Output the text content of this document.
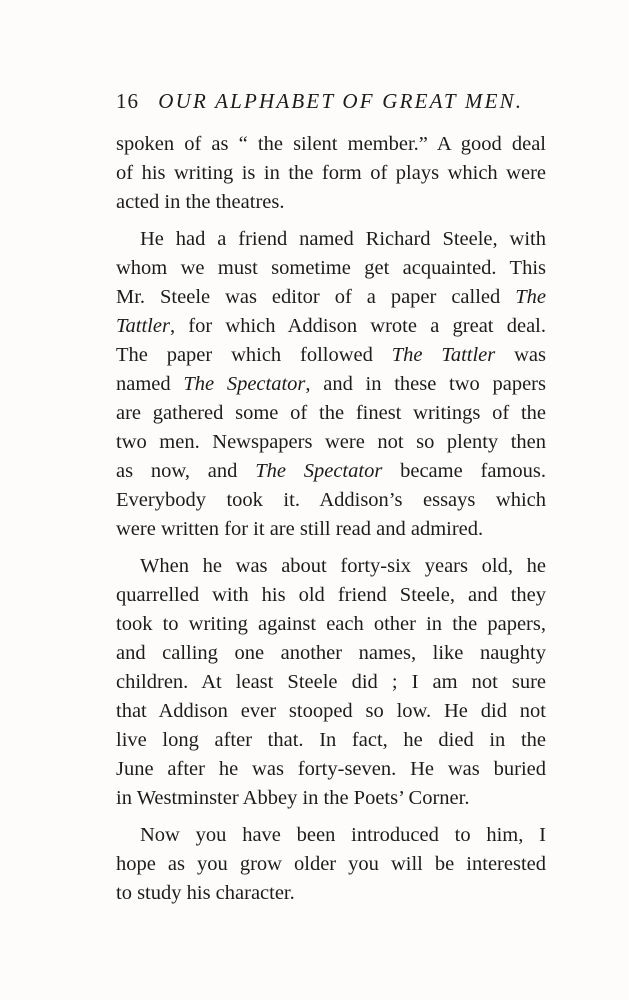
16 OUR ALPHABET OF GREAT MEN.
spoken of as “ the silent member.” A good deal
of his writing is in the form of plays which were
acted in the theatres.
He had a friend named Richard Steele, with
whom we must sometime get acquainted. This
Mr. Steele was editor of a paper called The
Tattler, for which Addison wrote a great deal.
The paper which followed The Tattler was
named The Spectator, and in these two papers
are gathered some of the finest writings of the
two men. Newspapers were not so plenty then
as now, and The Spectator became famous.
Everybody took it. Addison’s essays which
were written for it are still read and admired.
When he was about forty-six years old, he
quarrelled with his old friend Steele, and they
took to writing against each other in the papers,
and calling one another names, like naughty
children. At least Steele did ; I am not sure
that Addison ever stooped so low. He did not
live long after that. In fact, he died in the
June after he was forty-seven. He was buried
in Westminster Abbey in the Poets’ Corner.
Now you have been introduced to him, I
hope as you grow older you will be interested
to study his character.
